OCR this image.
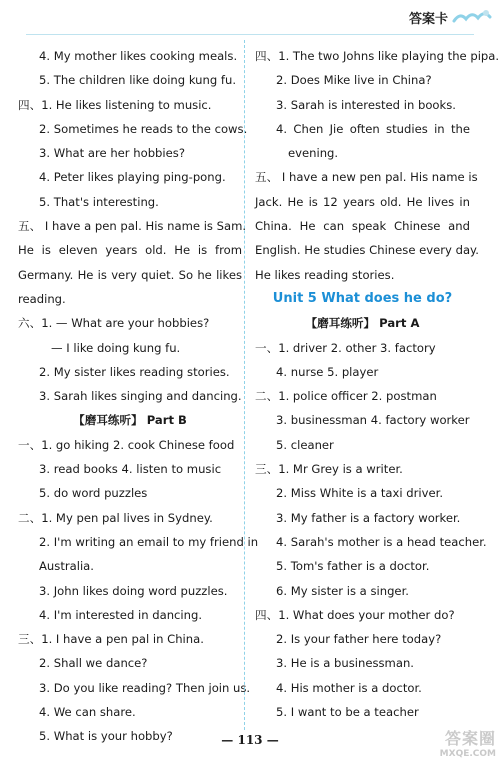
答案卡
4. My mother likes cooking meals.
5. The children like doing kung fu.
四、1. He likes listening to music.
2. Sometimes he reads to the cows.
3. What are her hobbies?
4. Peter likes playing ping-pong.
5. That's interesting.
五、 I have a pen pal. His name is Sam.
He is eleven years old. He is from
Germany. He is very quiet. So he likes
reading.
六、1. — What are your hobbies?
— I like doing kung fu.
2. My sister likes reading stories.
3. Sarah likes singing and dancing.
【磨耳练听】 Part B
一、1. go hiking 2. cook Chinese food
3. read books 4. listen to music
5. do word puzzles
二、1. My pen pal lives in Sydney.
2. I'm writing an email to my friend in
Australia.
3. John likes doing word puzzles.
4. I'm interested in dancing.
三、1. I have a pen pal in China.
2. Shall we dance?
3. Do you like reading? Then join us.
4. We can share.
5. What is your hobby?
四、1. The two Johns like playing the pipa.
2. Does Mike live in China?
3. Sarah is interested in books.
4. Chen Jie often studies in the
evening.
五、 I have a new pen pal. His name is
Jack. He is 12 years old. He lives in
China. He can speak Chinese and
English. He studies Chinese every day.
He likes reading stories.
Unit 5 What does he do?
【磨耳练听】 Part A
一、1. driver 2. other 3. factory
4. nurse 5. player
二、1. police officer 2. postman
3. businessman 4. factory worker
5. cleaner
三、1. Mr Grey is a writer.
2. Miss White is a taxi driver.
3. My father is a factory worker.
4. Sarah's mother is a head teacher.
5. Tom's father is a doctor.
6. My sister is a singer.
四、1. What does your mother do?
2. Is your father here today?
3. He is a businessman.
4. His mother is a doctor.
5. I want to be a teacher
— 113 —	答案圈
MXQE.COM
